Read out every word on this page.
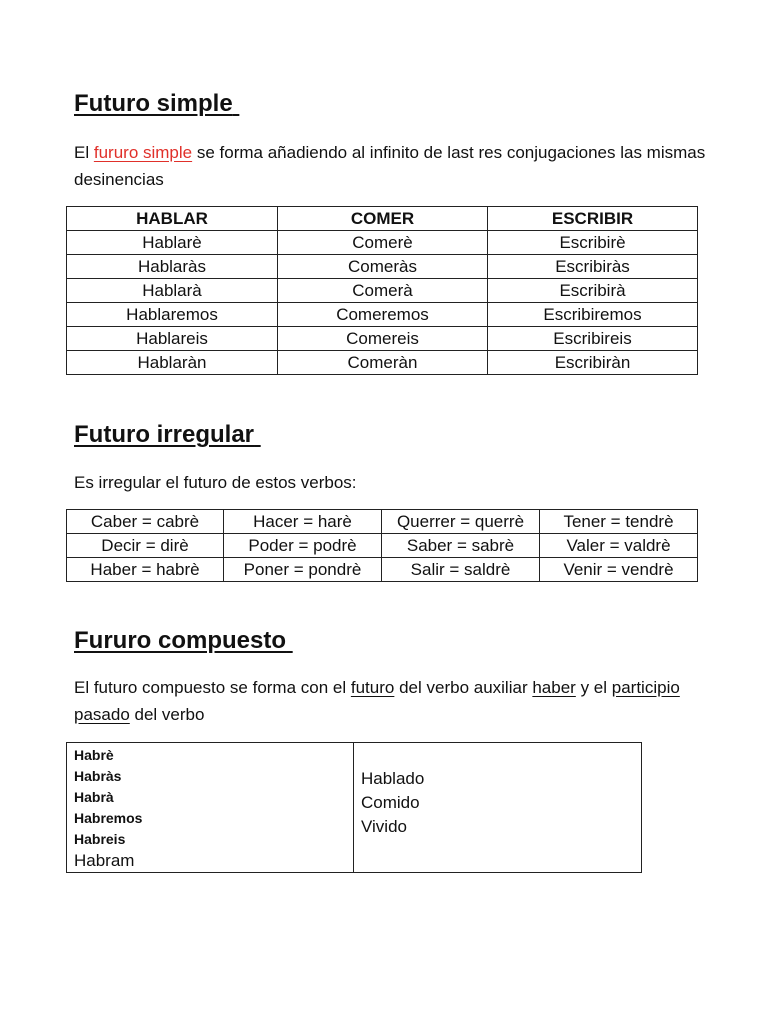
Futuro simple

El fururo simple se forma añadiendo al infinito de last res conjugaciones las mismas desinencias

HABLAR	COMER	ESCRIBIR
Hablarè	Comerè	Escribirè
Hablaràs	Comeràs	Escribiràs
Hablarà	Comerà	Escribirà
Hablaremos	Comeremos	Escribiremos
Hablareis	Comereis	Escribireis
Hablaràn	Comeràn	Escribiràn
Futuro irregular

Es irregular el futuro de estos verbos:

Caber = cabrè	Hacer = harè	Querrer = querrè	Tener = tendrè
Decir = dirè	Poder = podrè	Saber = sabrè	Valer = valdrè
Haber = habrè	Poner = pondrè	Salir = saldrè	Venir = vendrè
Fururo compuesto

El futuro compuesto se forma con el futuro del verbo auxiliar haber y el participio pasado del verbo

Habrè
Habràs
Habrà
Habremos
Habreis
Habram

Hablado
Comido
Vivido
